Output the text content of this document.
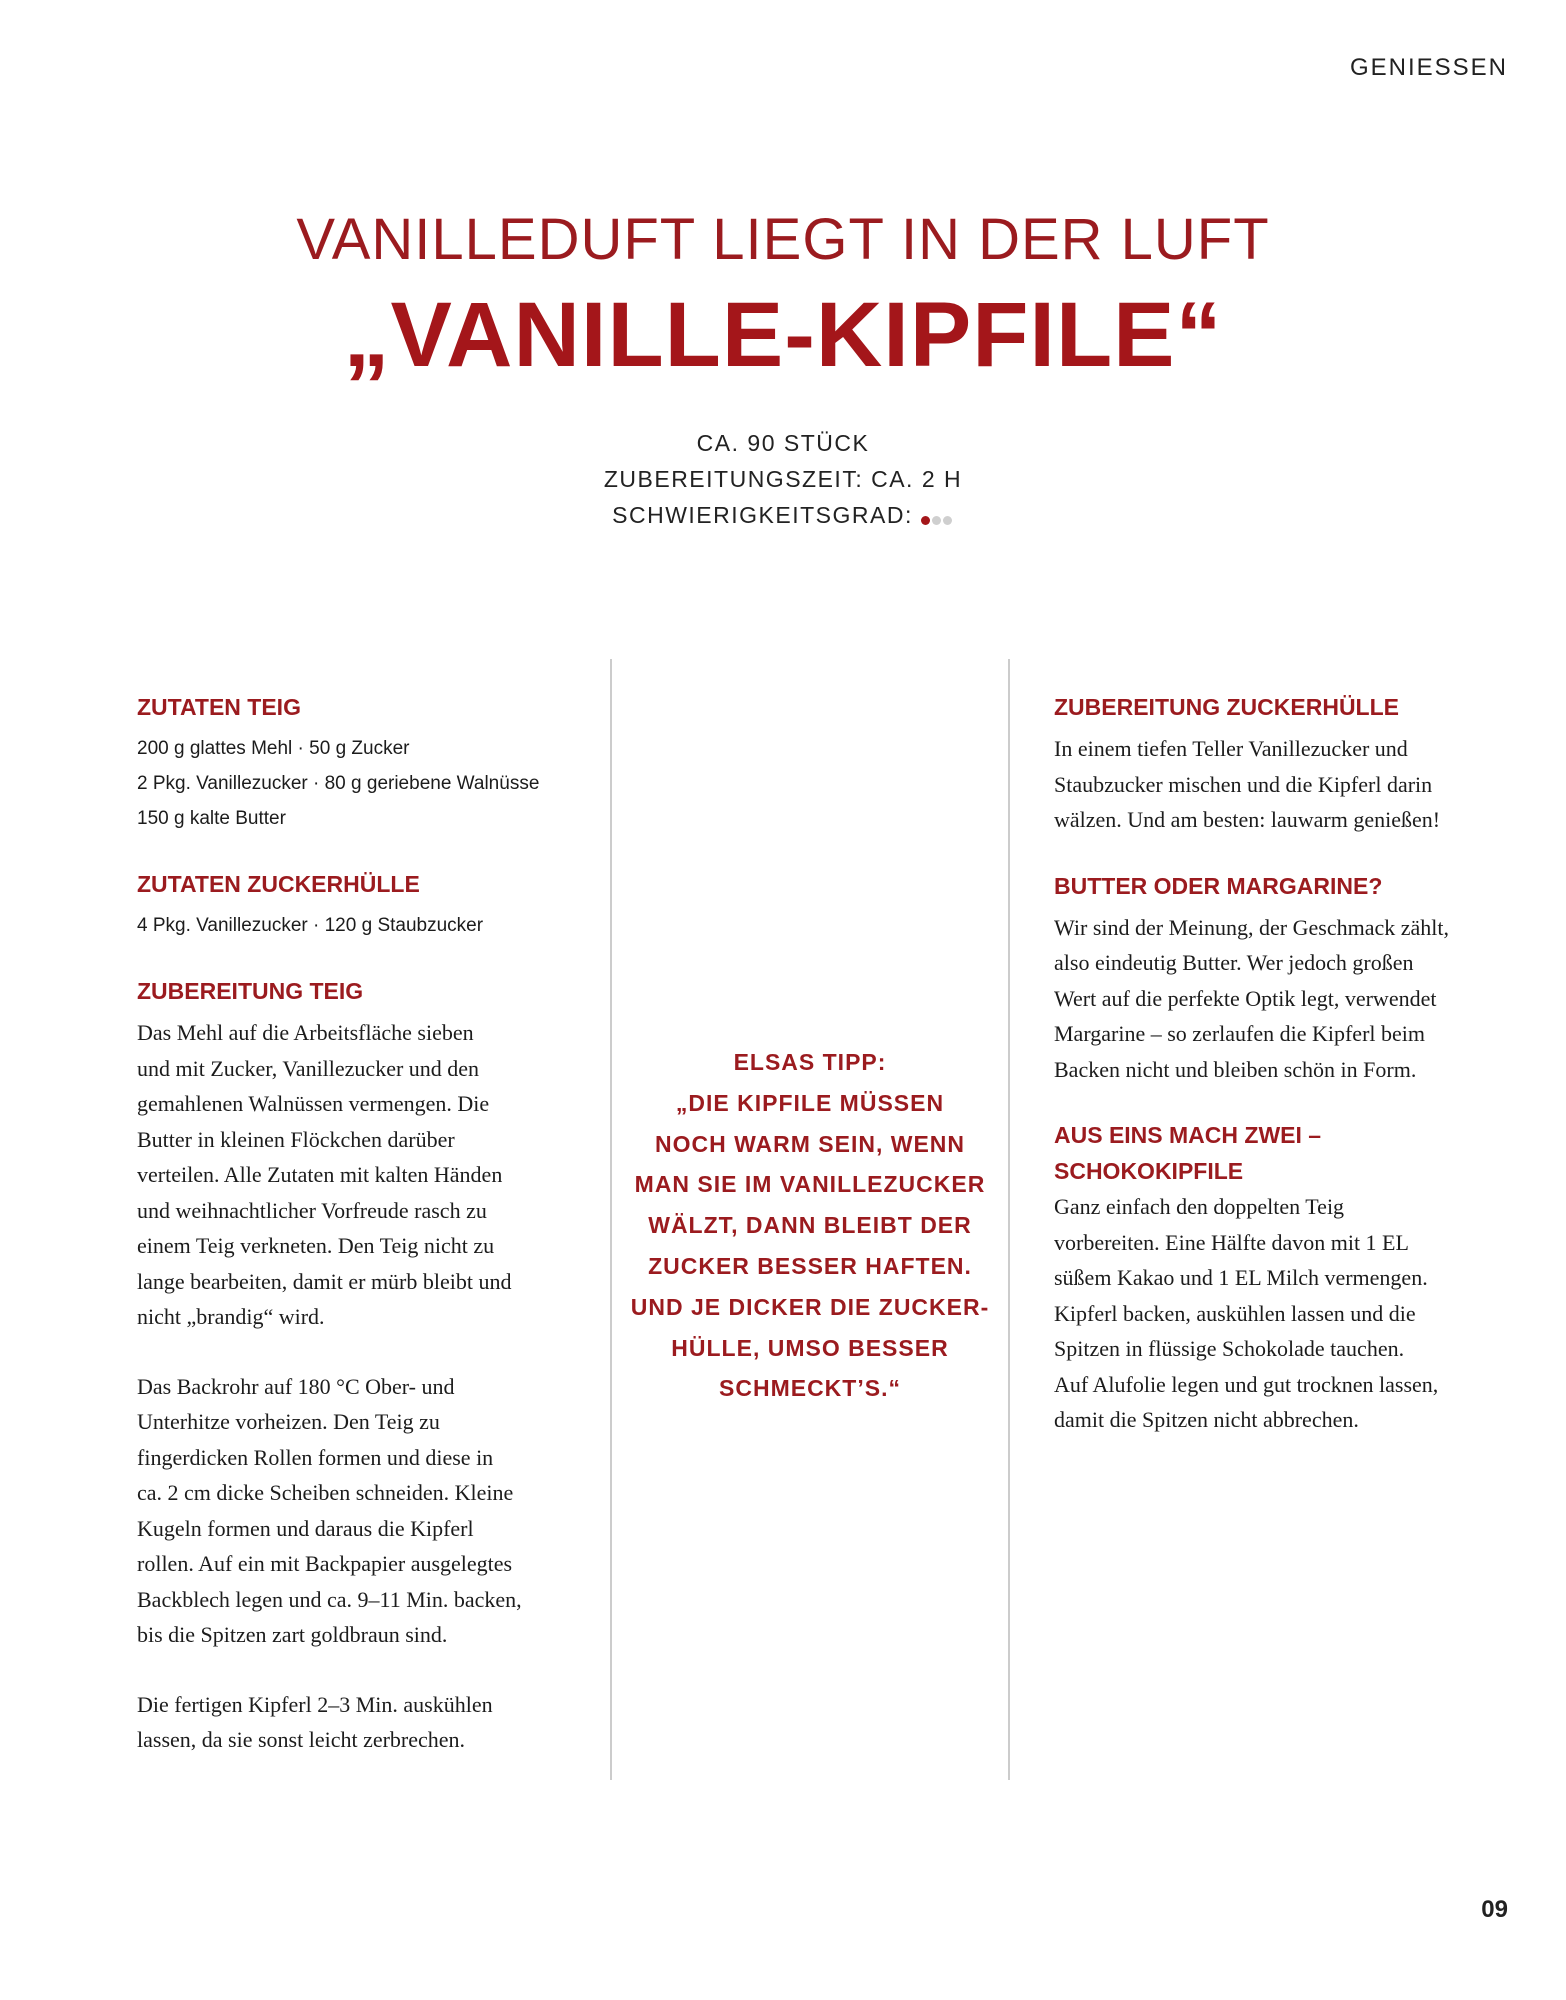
GENIESSEN
VANILLEDUFT LIEGT IN DER LUFT
„VANILLE-KIPFILE“
CA. 90 STÜCK
ZUBEREITUNGSZEIT: CA. 2 H
SCHWIERIGKEITSGRAD:
ZUTATEN TEIG
200 g glattes Mehl · 50 g Zucker
2 Pkg. Vanillezucker · 80 g geriebene Walnüsse
150 g kalte Butter
ZUTATEN ZUCKERHÜLLE
4 Pkg. Vanillezucker · 120 g Staubzucker
ZUBEREITUNG TEIG
Das Mehl auf die Arbeitsfläche sieben
und mit Zucker, Vanillezucker und den
gemahlenen Walnüssen vermengen. Die
Butter in kleinen Flöckchen darüber
verteilen. Alle Zutaten mit kalten Händen
und weihnachtlicher Vorfreude rasch zu
einem Teig verkneten. Den Teig nicht zu
lange bearbeiten, damit er mürb bleibt und
nicht „brandig“ wird.
Das Backrohr auf 180 °C Ober- und
Unterhitze vorheizen. Den Teig zu
fingerdicken Rollen formen und diese in
ca. 2 cm dicke Scheiben schneiden. Kleine
Kugeln formen und daraus die Kipferl
rollen. Auf ein mit Backpapier ausgelegtes
Backblech legen und ca. 9–11 Min. backen,
bis die Spitzen zart goldbraun sind.
Die fertigen Kipferl 2–3 Min. auskühlen
lassen, da sie sonst leicht zerbrechen.
ELSAS TIPP:
„DIE KIPFILE MÜSSEN
NOCH WARM SEIN, WENN
MAN SIE IM VANILLEZUCKER
WÄLZT, DANN BLEIBT DER
ZUCKER BESSER HAFTEN.
UND JE DICKER DIE ZUCKER-
HÜLLE, UMSO BESSER
SCHMECKT’S.“
ZUBEREITUNG ZUCKERHÜLLE
In einem tiefen Teller Vanillezucker und
Staubzucker mischen und die Kipferl darin
wälzen. Und am besten: lauwarm genießen!
BUTTER ODER MARGARINE?
Wir sind der Meinung, der Geschmack zählt,
also eindeutig Butter. Wer jedoch großen
Wert auf die perfekte Optik legt, verwendet
Margarine – so zerlaufen die Kipferl beim
Backen nicht und bleiben schön in Form.
AUS EINS MACH ZWEI –
SCHOKOKIPFILE
Ganz einfach den doppelten Teig
vorbereiten. Eine Hälfte davon mit 1 EL
süßem Kakao und 1 EL Milch vermengen.
Kipferl backen, auskühlen lassen und die
Spitzen in flüssige Schokolade tauchen.
Auf Alufolie legen und gut trocknen lassen,
damit die Spitzen nicht abbrechen.
09
